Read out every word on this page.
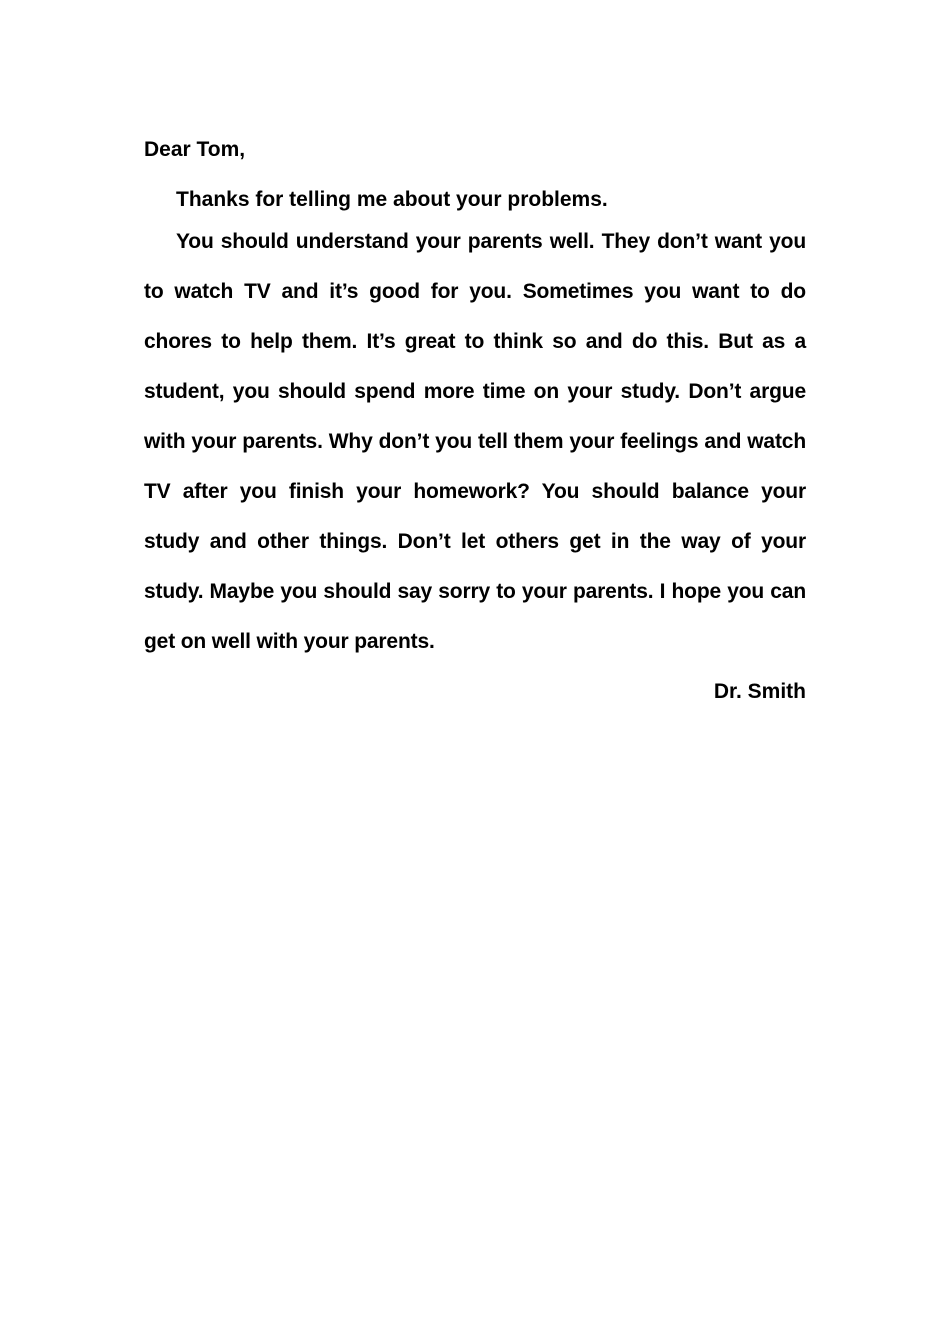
Dear Tom,

Thanks for telling me about your problems.

You should understand your parents well. They don’t want you to watch TV and it’s good for you. Sometimes you want to do chores to help them. It’s great to think so and do this. But as a student, you should spend more time on your study. Don’t argue with your parents. Why don’t you tell them your feelings and watch TV after you finish your homework? You should balance your study and other things. Don’t let others get in the way of your study. Maybe you should say sorry to your parents. I hope you can get on well with your parents.

Dr. Smith
